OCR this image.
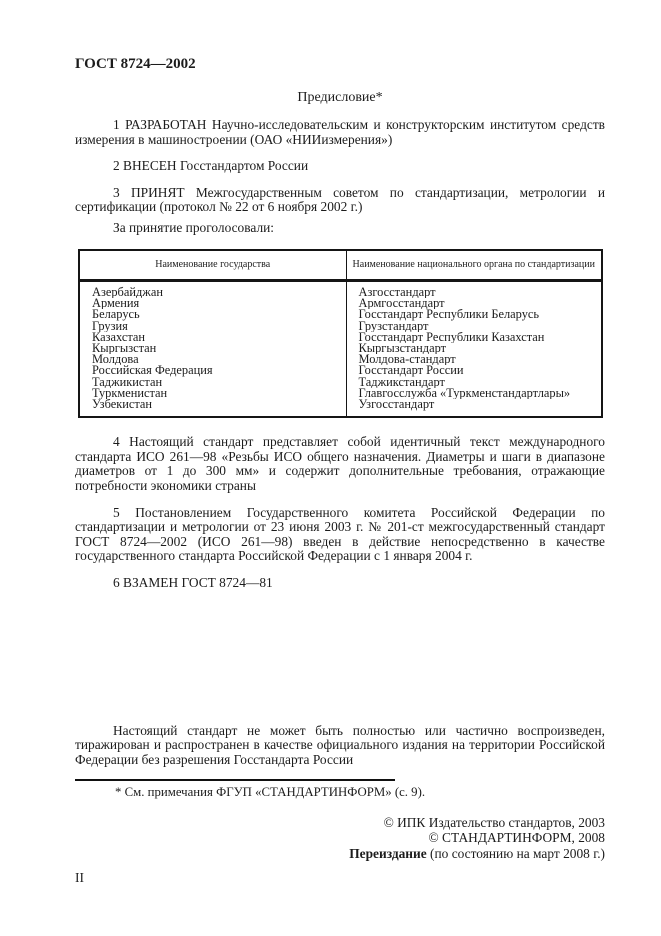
ГОСТ 8724—2002
Предисловие*

1 РАЗРАБОТАН Научно-исследовательским и конструкторским институтом средств измерения в машиностроении (ОАО «НИИизмерения»)

2 ВНЕСЕН Госстандартом России

3 ПРИНЯТ Межгосударственным советом по стандартизации, метрологии и сертификации (протокол № 22 от 6 ноября 2002 г.)

За принятие проголосовали:

Наименование государства	Наименование национального органа по стандартизации
Азербайджан	Азгосстандарт
Армения	Армгосстандарт
Беларусь	Госстандарт Республики Беларусь
Грузия	Грузстандарт
Казахстан	Госстандарт Республики Казахстан
Кыргызстан	Кыргызстандарт
Молдова	Молдова-стандарт
Российская Федерация	Госстандарт России
Таджикистан	Таджикстандарт
Туркменистан	Главгосслужба «Туркменстандартлары»
Узбекистан	Узгосстандарт

4 Настоящий стандарт представляет собой идентичный текст международного стандарта ИСО 261—98 «Резьбы ИСО общего назначения. Диаметры и шаги в диапазоне диаметров от 1 до 300 мм» и содержит дополнительные требования, отражающие потребности экономики страны

5 Постановлением Государственного комитета Российской Федерации по стандартизации и метрологии от 23 июня 2003 г. № 201-ст межгосударственный стандарт ГОСТ 8724—2002 (ИСО 261—98) введен в действие непосредственно в качестве государственного стандарта Российской Федерации с 1 января 2004 г.

6 ВЗАМЕН ГОСТ 8724—81

Настоящий стандарт не может быть полностью или частично воспроизведен, тиражирован и распространен в качестве официального издания на территории Российской Федерации без разрешения Госстандарта России

* См. примечания ФГУП «СТАНДАРТИНФОРМ» (с. 9).
© ИПК Издательство стандартов, 2003
© СТАНДАРТИНФОРМ, 2008
Переиздание (по состоянию на март 2008 г.)
II
